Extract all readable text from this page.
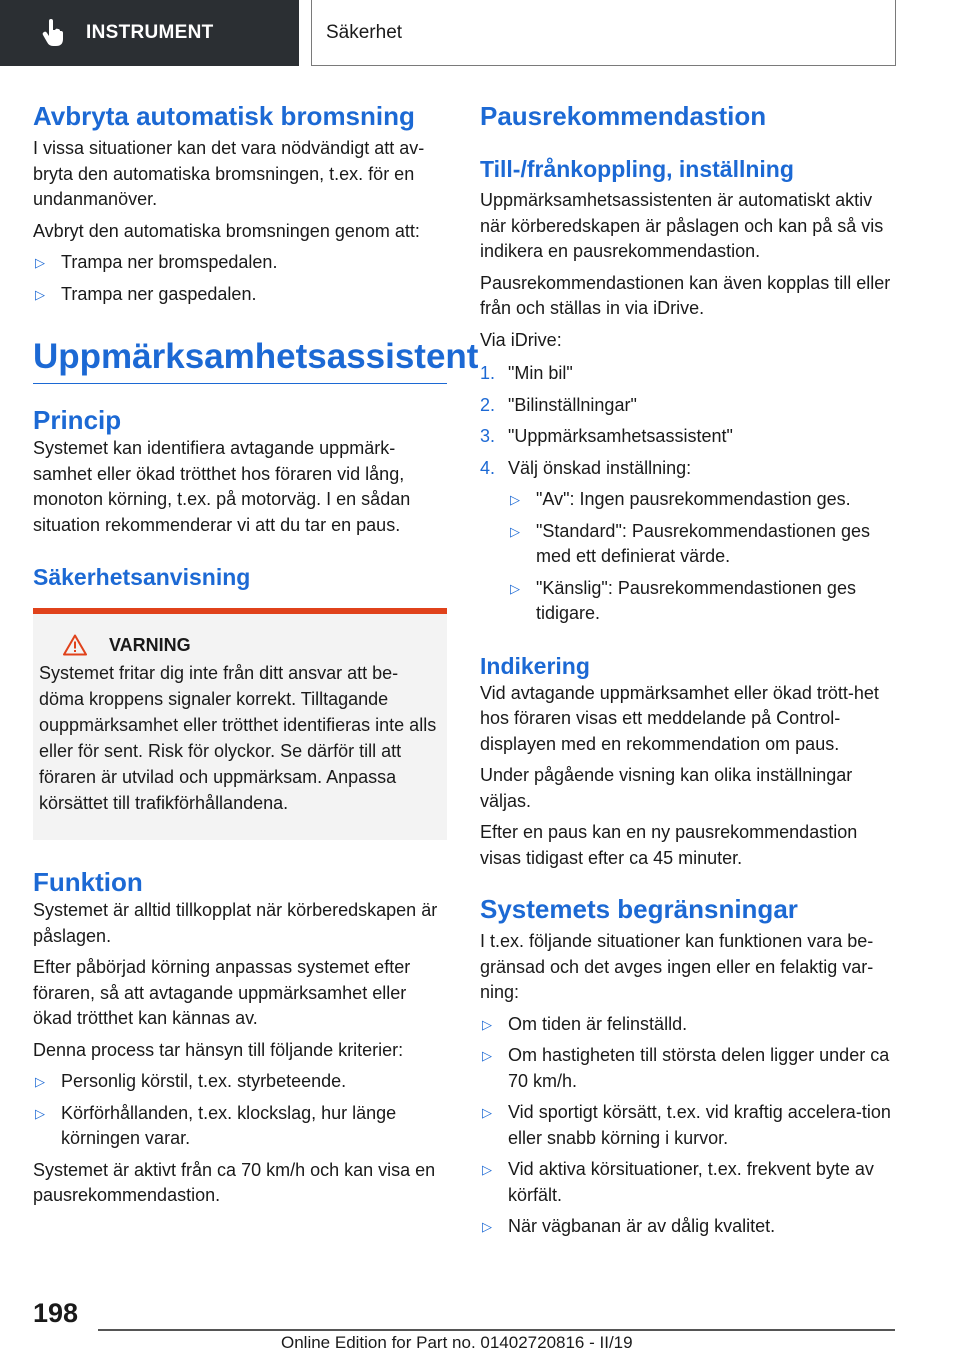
INSTRUMENT	Säkerhet
Avbryta automatisk bromsning

I vissa situationer kan det vara nödvändigt att av-bryta den automatiska bromsningen, t.ex. för en undanmanöver.

Avbryt den automatiska bromsningen genom att:

▷ Trampa ner bromspedalen.
▷ Trampa ner gaspedalen.
Uppmärksamhetsassistent
Princip

Systemet kan identifiera avtagande uppmärk-samhet eller ökad trötthet hos föraren vid lång, monoton körning, t.ex. på motorväg. I en sådan situation rekommenderar vi att du tar en paus.

Säkerhetsanvisning
VARNING

Systemet fritar dig inte från ditt ansvar att be-döma kroppens signaler korrekt. Tilltagande ouppmärksamhet eller trötthet identifieras inte alls eller för sent. Risk för olyckor. Se därför till att föraren är utvilad och uppmärksam. Anpassa körsättet till trafikförhållandena.

Funktion

Systemet är alltid tillkopplat när körberedskapen är påslagen.

Efter påbörjad körning anpassas systemet efter föraren, så att avtagande uppmärksamhet eller ökad trötthet kan kännas av.

Denna process tar hänsyn till följande kriterier:

▷ Personlig körstil, t.ex. styrbeteende.
▷ Körförhållanden, t.ex. klockslag, hur länge körningen varar.

Systemet är aktivt från ca 70 km/h och kan visa en pausrekommendastion.

Pausrekommendastion
Till-/frånkoppling, inställning

Uppmärksamhetsassistenten är automatiskt aktiv när körberedskapen är påslagen och kan på så vis indikera en pausrekommendastion.

Pausrekommendastionen kan även kopplas till eller från och ställas in via iDrive.

Via iDrive:

1. "Min bil"
2. "Bilinställningar"
3. "Uppmärksamhetsassistent"
4. Välj önskad inställning:
▷ "Av": Ingen pausrekommendastion ges.
▷ "Standard": Pausrekommendastionen ges med ett definierat värde.
▷ "Känslig": Pausrekommendastionen ges tidigare.
Indikering

Vid avtagande uppmärksamhet eller ökad trött-het hos föraren visas ett meddelande på Control-displayen med en rekommendation om paus.

Under pågående visning kan olika inställningar väljas.

Efter en paus kan en ny pausrekommendastion visas tidigast efter ca 45 minuter.

Systemets begränsningar

I t.ex. följande situationer kan funktionen vara be-gränsad och det avges ingen eller en felaktig var-ning:

▷ Om tiden är felinställd.
▷ Om hastigheten till största delen ligger under ca 70 km/h.
▷ Vid sportigt körsätt, t.ex. vid kraftig accelera-tion eller snabb körning i kurvor.
▷ Vid aktiva körsituationer, t.ex. frekvent byte av körfält.
▷ När vägbanan är av dålig kvalitet.
198
Online Edition for Part no. 01402720816 - II/19
